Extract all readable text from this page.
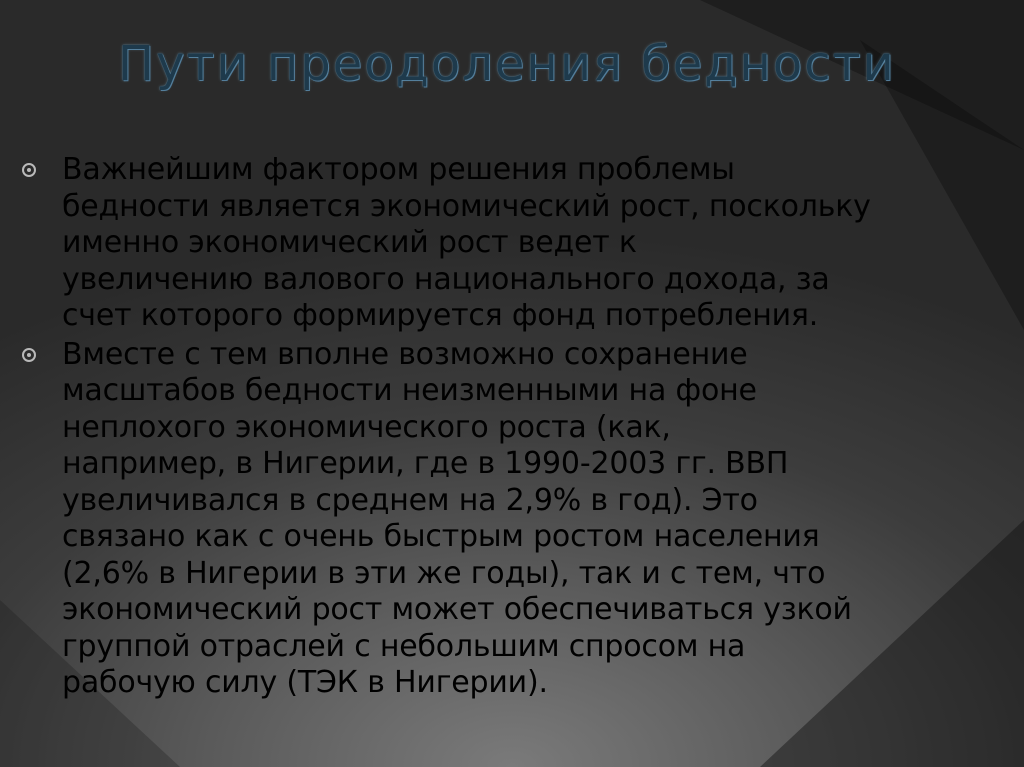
Пути преодоления бедности
Важнейшим фактором решения проблемы
бедности является экономический рост, поскольку
именно экономический рост ведет к
увеличению валового национального дохода, за
счет которого формируется фонд потребления.
Вместе с тем вполне возможно сохранение
масштабов бедности неизменными на фоне
неплохого экономического роста (как,
например, в Нигерии, где в 1990-2003 гг. ВВП
увеличивался в среднем на 2,9% в год). Это
связано как с очень быстрым ростом населения
(2,6% в Нигерии в эти же годы), так и с тем, что
экономический рост может обеспечиваться узкой
группой отраслей с небольшим спросом на
рабочую силу (ТЭК в Нигерии).
